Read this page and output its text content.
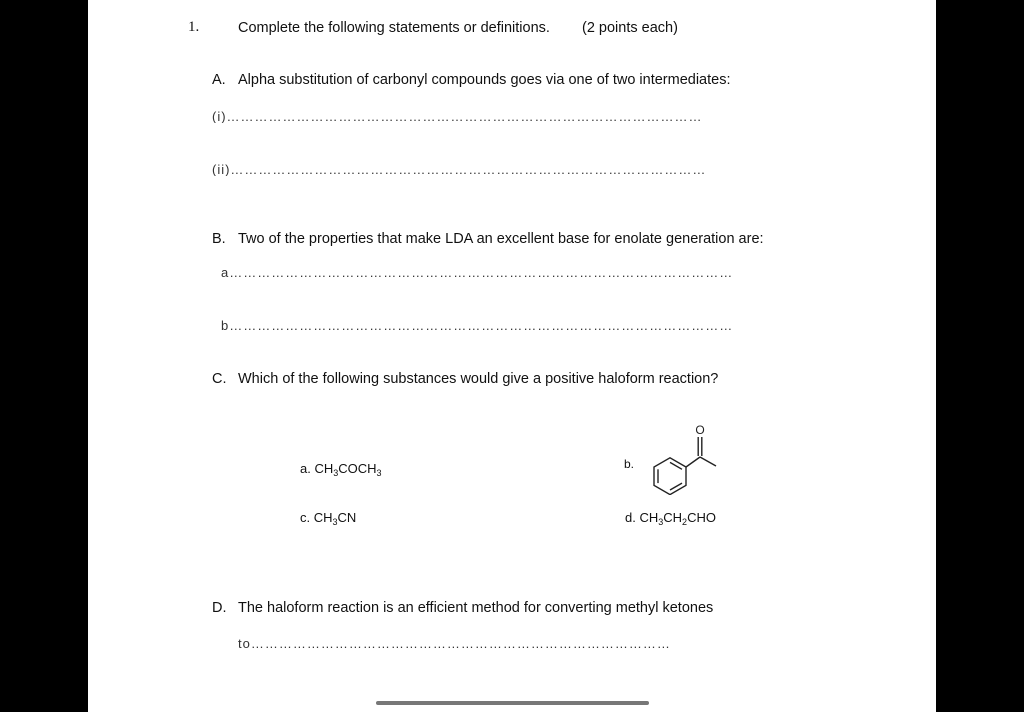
1.	Complete the following statements or definitions. (2 points each)
A. Alpha substitution of carbonyl compounds goes via one of two intermediates:
(i)…………………………………………………………………………………………
(ii)…………………………………………………………………………………………
B. Two of the properties that make LDA an excellent base for enolate generation are:
a………………………………………………………………………………………………
b………………………………………………………………………………………………
C. Which of the following substances would give a positive haloform reaction?
a. $CH_3COCH_3$
b.
O
c. $CH_3CN$	d. $CH_3CH_2CHO$
D. The haloform reaction is an efficient method for converting methyl ketones
to………………………………………………………………………………
